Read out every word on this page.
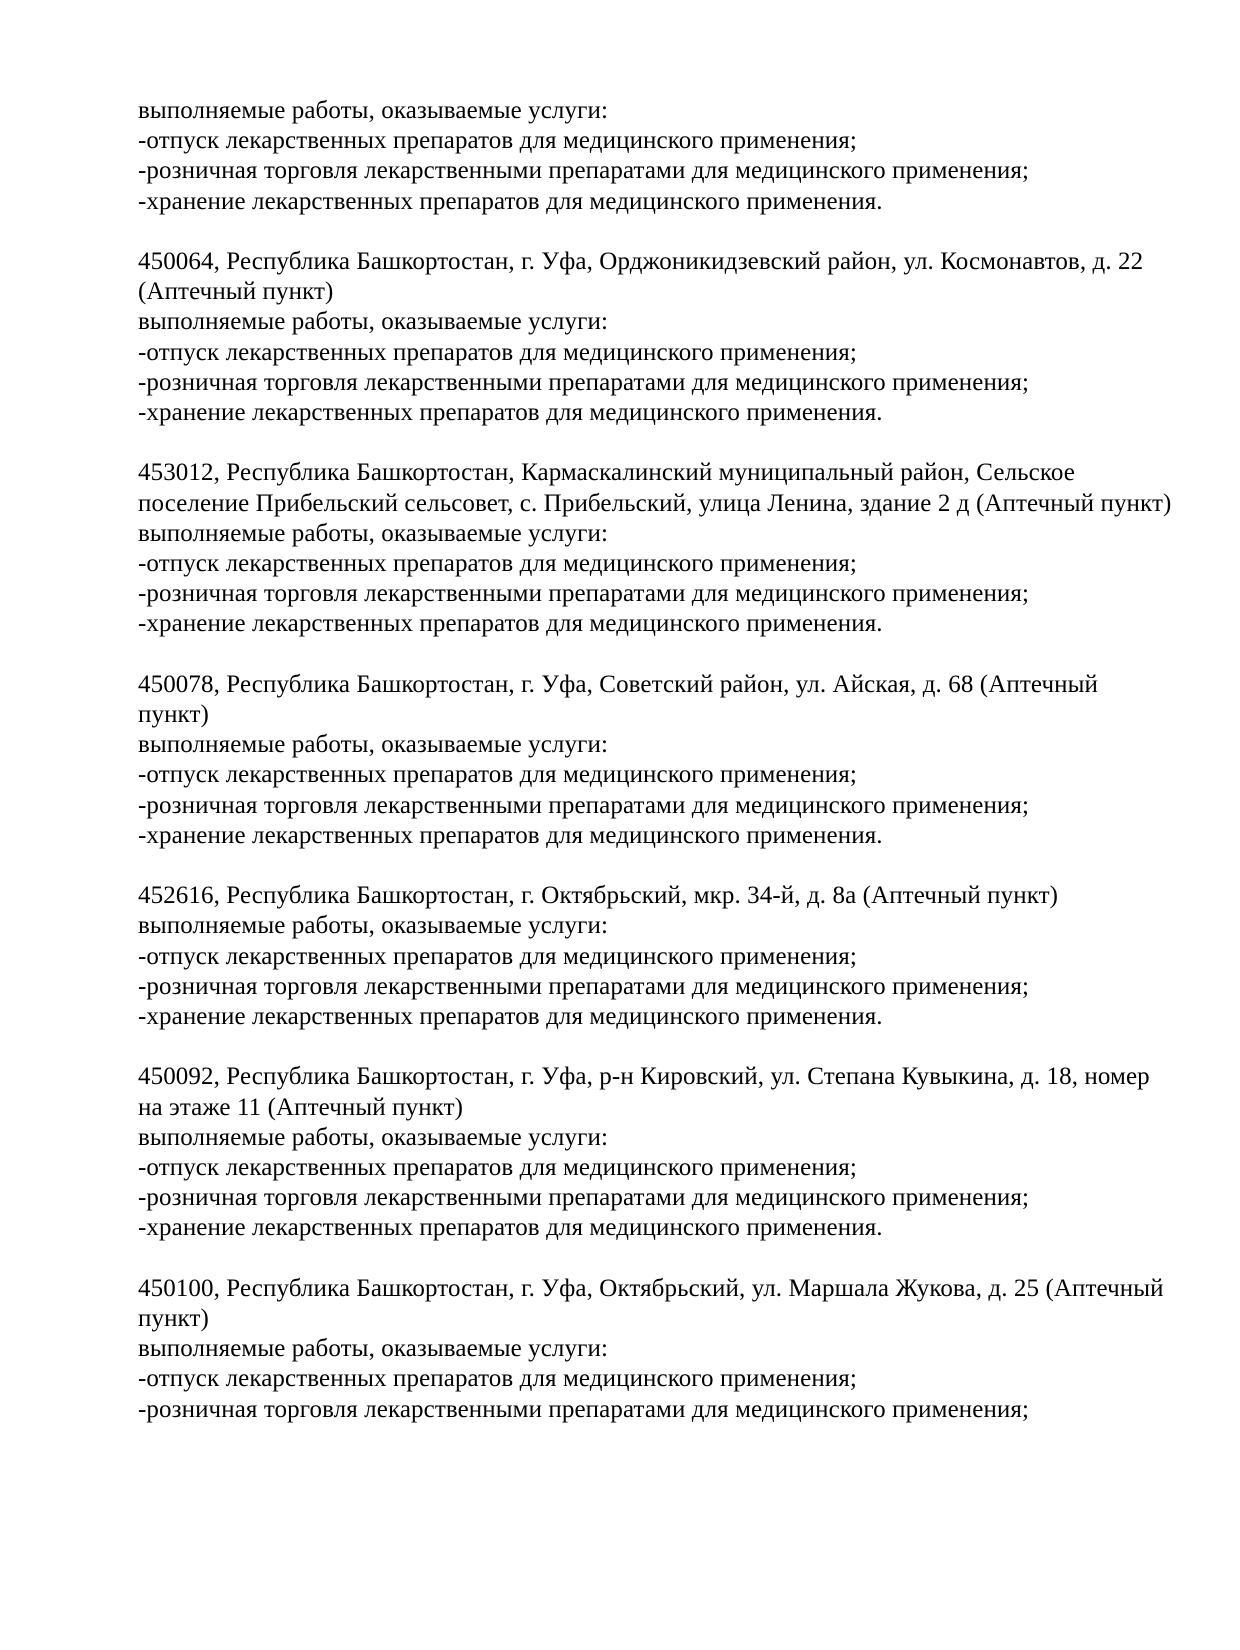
выполняемые работы, оказываемые услуги:
-отпуск лекарственных препаратов для медицинского применения;
-розничная торговля лекарственными препаратами для медицинского применения;
-хранение лекарственных препаратов для медицинского применения.
450064, Республика Башкортостан, г. Уфа, Орджоникидзевский район, ул. Космонавтов, д. 22
(Аптечный пункт)
выполняемые работы, оказываемые услуги:
-отпуск лекарственных препаратов для медицинского применения;
-розничная торговля лекарственными препаратами для медицинского применения;
-хранение лекарственных препаратов для медицинского применения.
453012, Республика Башкортостан, Кармаскалинский муниципальный район, Сельское
поселение Прибельский сельсовет, с. Прибельский, улица Ленина, здание 2 д (Аптечный пункт)
выполняемые работы, оказываемые услуги:
-отпуск лекарственных препаратов для медицинского применения;
-розничная торговля лекарственными препаратами для медицинского применения;
-хранение лекарственных препаратов для медицинского применения.
450078, Республика Башкортостан, г. Уфа, Советский район, ул. Айская, д. 68 (Аптечный
пункт)
выполняемые работы, оказываемые услуги:
-отпуск лекарственных препаратов для медицинского применения;
-розничная торговля лекарственными препаратами для медицинского применения;
-хранение лекарственных препаратов для медицинского применения.
452616, Республика Башкортостан, г. Октябрьский, мкр. 34-й, д. 8а (Аптечный пункт)
выполняемые работы, оказываемые услуги:
-отпуск лекарственных препаратов для медицинского применения;
-розничная торговля лекарственными препаратами для медицинского применения;
-хранение лекарственных препаратов для медицинского применения.
450092, Республика Башкортостан, г. Уфа, р-н Кировский, ул. Степана Кувыкина, д. 18, номер
на этаже 11 (Аптечный пункт)
выполняемые работы, оказываемые услуги:
-отпуск лекарственных препаратов для медицинского применения;
-розничная торговля лекарственными препаратами для медицинского применения;
-хранение лекарственных препаратов для медицинского применения.
450100, Республика Башкортостан, г. Уфа, Октябрьский, ул. Маршала Жукова, д. 25 (Аптечный
пункт)
выполняемые работы, оказываемые услуги:
-отпуск лекарственных препаратов для медицинского применения;
-розничная торговля лекарственными препаратами для медицинского применения;
